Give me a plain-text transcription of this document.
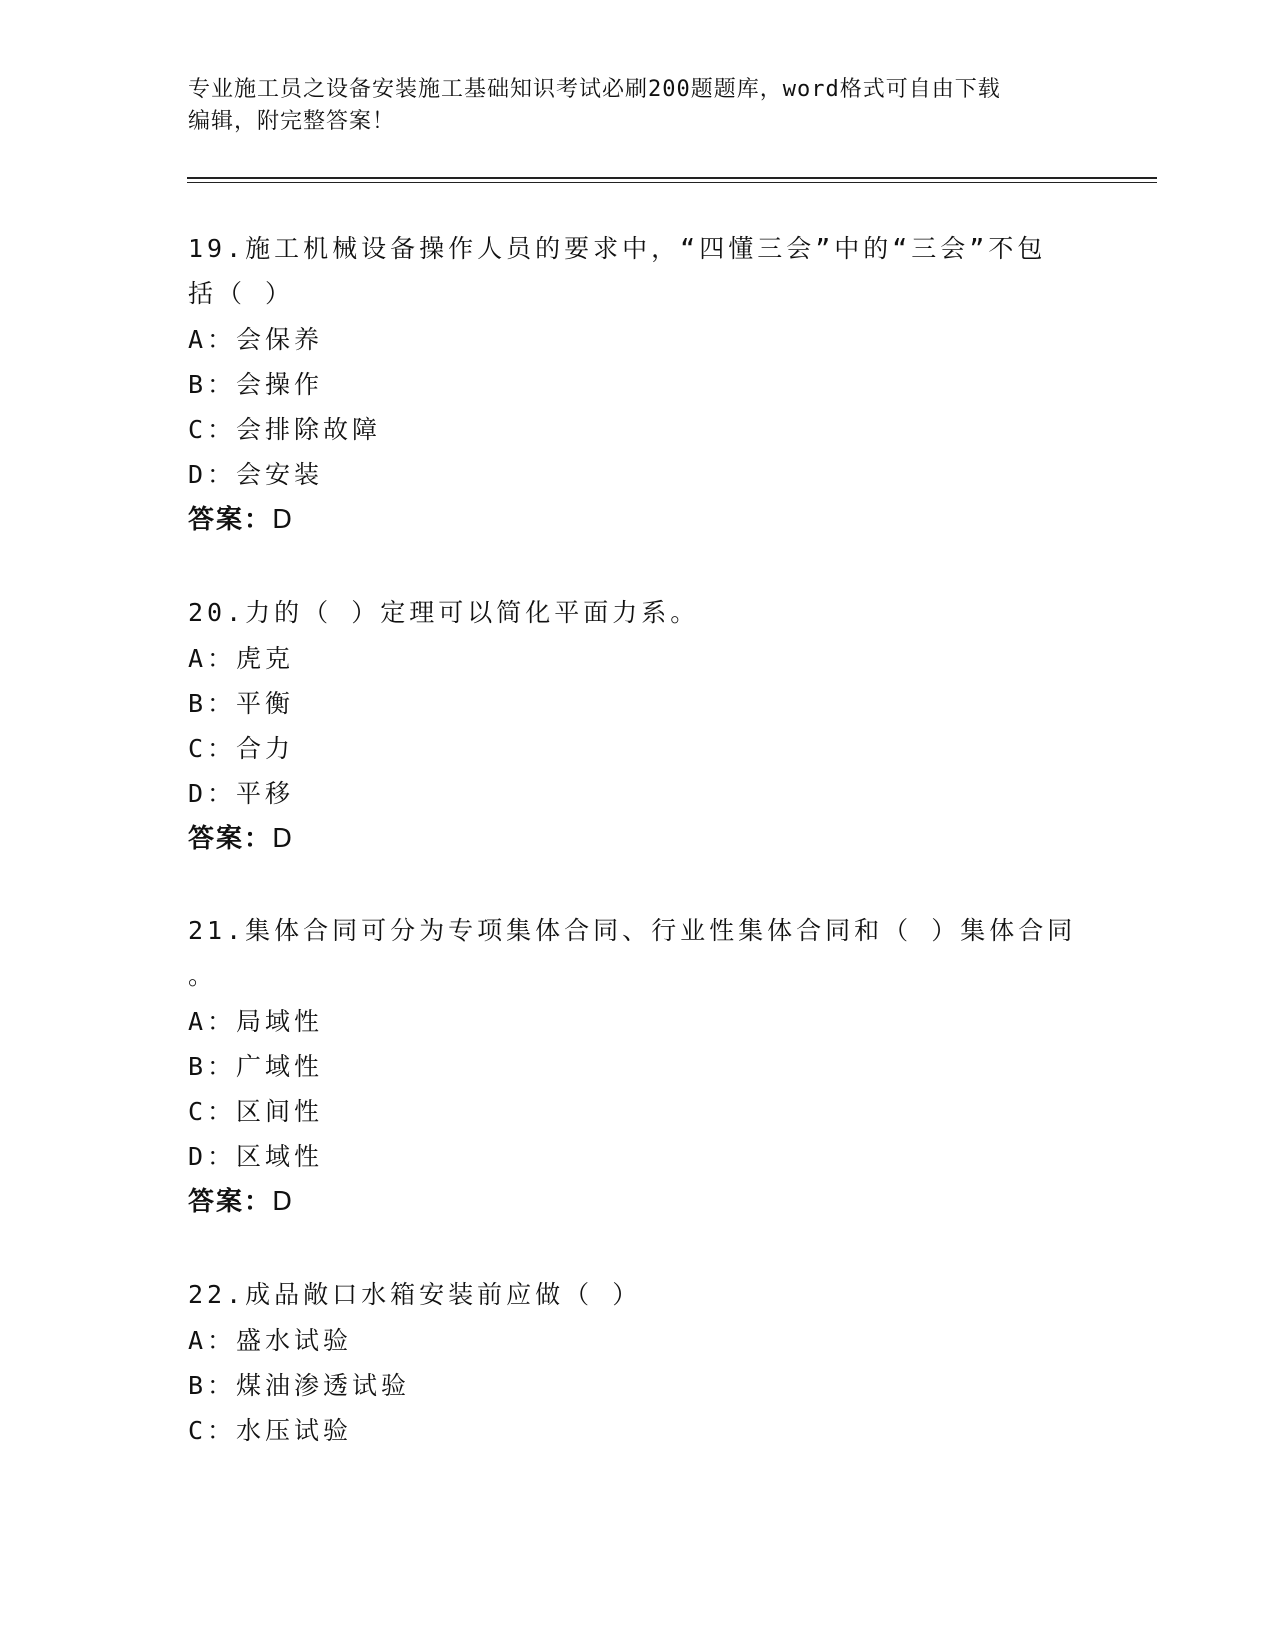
专业施工员之设备安装施工基础知识考试必刷200题题库，word格式可自由下载
编辑，附完整答案！
19.施工机械设备操作人员的要求中，“四懂三会”中的“三会”不包
括（ ）
A：会保养
B：会操作
C：会排除故障
D：会安装
答案：D
20.力的（ ）定理可以简化平面力系。
A：虎克
B：平衡
C：合力
D：平移
答案：D
21.集体合同可分为专项集体合同、行业性集体合同和（ ）集体合同
。
A：局域性
B：广域性
C：区间性
D：区域性
答案：D
22.成品敞口水箱安装前应做（ ）
A：盛水试验
B：煤油渗透试验
C：水压试验
